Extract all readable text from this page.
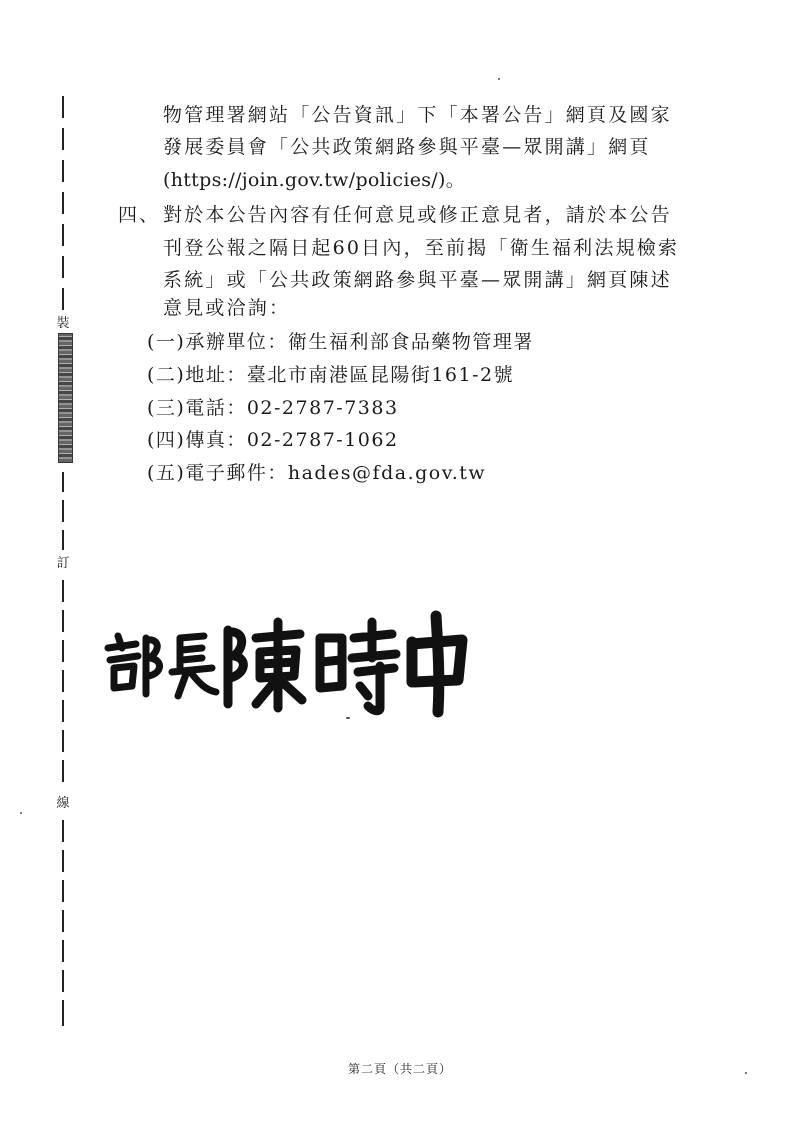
裝
訂
線
物管理署網站「公告資訊」下「本署公告」網頁及國家
發展委員會「公共政策網路參與平臺—眾開講」網頁
(https://join.gov.tw/policies/)。
四、 對於本公告內容有任何意見或修正意見者，請於本公告
刊登公報之隔日起60日內，至前揭「衛生福利法規檢索
系統」或「公共政策網路參與平臺—眾開講」網頁陳述
意見或洽詢：
(一)承辦單位：衛生福利部食品藥物管理署
(二)地址：臺北市南港區昆陽街161-2號
(三)電話：02-2787-7383
(四)傳真：02-2787-1062
(五)電子郵件：hades@fda.gov.tw
第二頁（共二頁）
